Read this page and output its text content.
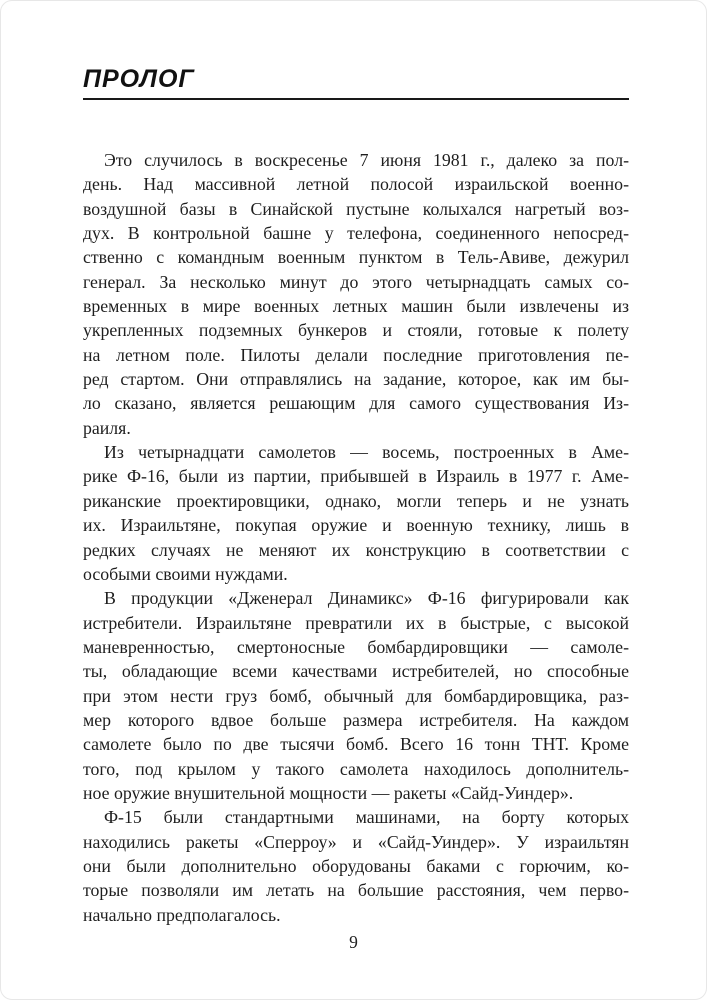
ПРОЛОГ

Это случилось в воскресенье 7 июня 1981 г., далеко за пол-
день. Над массивной летной полосой израильской военно-
воздушной базы в Синайской пустыне колыхался нагретый воз-
дух. В контрольной башне у телефона, соединенного непосред-
ственно с командным военным пунктом в Тель-Авиве, дежурил
генерал. За несколько минут до этого четырнадцать самых со-
временных в мире военных летных машин были извлечены из
укрепленных подземных бункеров и стояли, готовые к полету
на летном поле. Пилоты делали последние приготовления пе-
ред стартом. Они отправлялись на задание, которое, как им бы-
ло сказано, является решающим для самого существования Из-
раиля.

Из четырнадцати самолетов — восемь, построенных в Аме-
рике Ф-16, были из партии, прибывшей в Израиль в 1977 г. Аме-
риканские проектировщики, однако, могли теперь и не узнать
их. Израильтяне, покупая оружие и военную технику, лишь в
редких случаях не меняют их конструкцию в соответствии с
особыми своими нуждами.

В продукции «Дженерал Динамикс» Ф-16 фигурировали как
истребители. Израильтяне превратили их в быстрые, с высокой
маневренностью, смертоносные бомбардировщики — самоле-
ты, обладающие всеми качествами истребителей, но способные
при этом нести груз бомб, обычный для бомбардировщика, раз-
мер которого вдвое больше размера истребителя. На каждом
самолете было по две тысячи бомб. Всего 16 тонн ТНТ. Кроме
того, под крылом у такого самолета находилось дополнитель-
ное оружие внушительной мощности — ракеты «Сайд-Уиндер».

Ф-15 были стандартными машинами, на борту которых
находились ракеты «Сперроу» и «Сайд-Уиндер». У израильтян
они были дополнительно оборудованы баками с горючим, ко-
торые позволяли им летать на большие расстояния, чем перво-
начально предполагалось.

9
